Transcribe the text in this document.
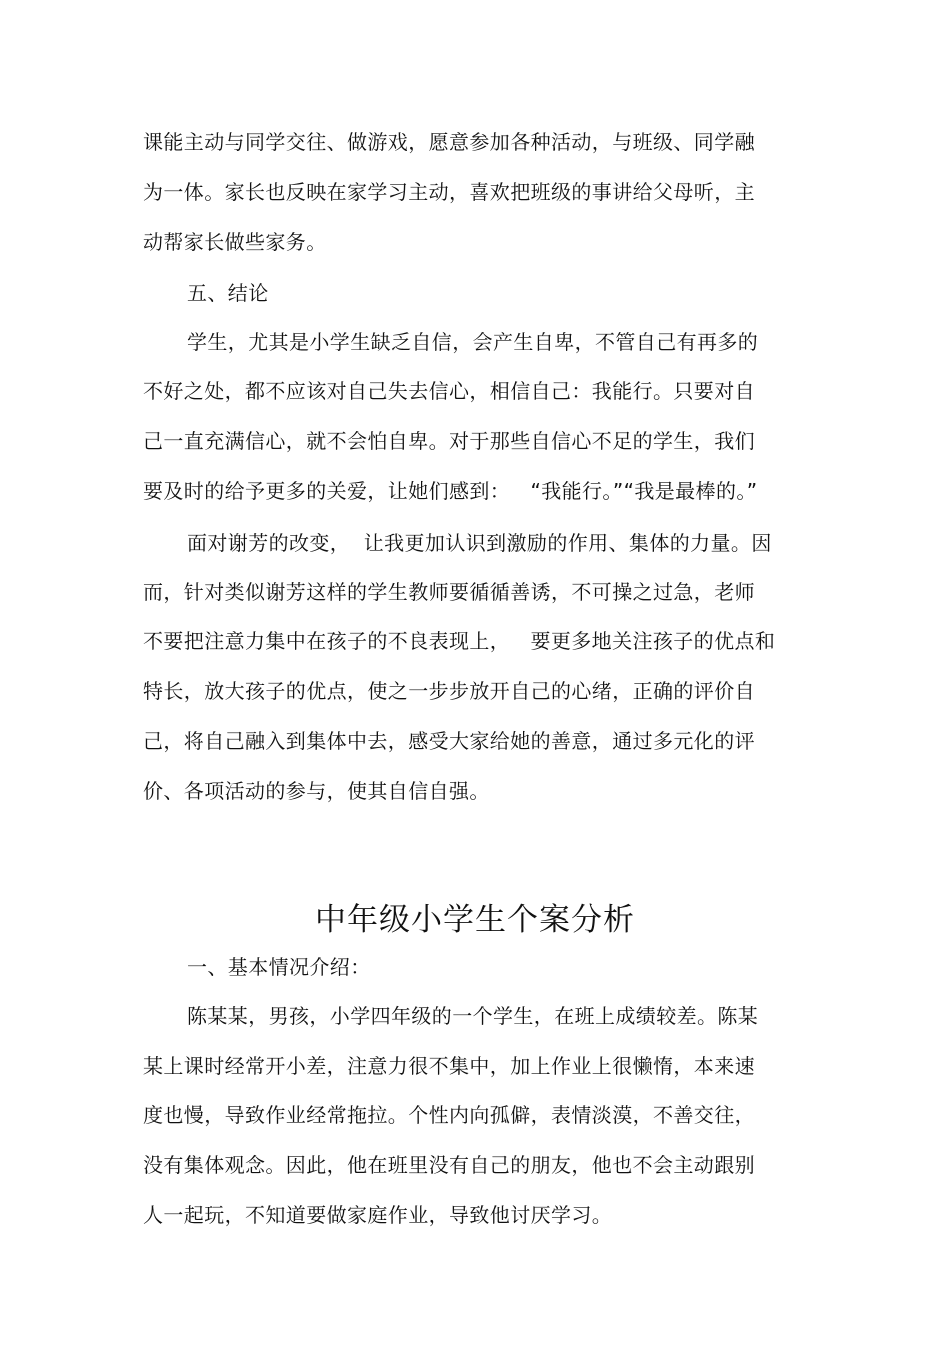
课能主动与同学交往、做游戏，愿意参加各种活动，与班级、同学融
为一体。家长也反映在家学习主动，喜欢把班级的事讲给父母听，主
动帮家长做些家务。
五、结论
学生，尤其是小学生缺乏自信，会产生自卑，不管自己有再多的
不好之处，都不应该对自己失去信心，相信自己：我能行。只要对自
己一直充满信心，就不会怕自卑。对于那些自信心不足的学生，我们
要及时的给予更多的关爱，让她们感到：   “我能行。”“我是最棒的。”
面对谢芳的改变，  让我更加认识到激励的作用、集体的力量。因
而，针对类似谢芳这样的学生教师要循循善诱，不可操之过急，老师
不要把注意力集中在孩子的不良表现上，   要更多地关注孩子的优点和
特长，放大孩子的优点，使之一步步放开自己的心绪，正确的评价自
己，将自己融入到集体中去，感受大家给她的善意，通过多元化的评
价、各项活动的参与，使其自信自强。
中年级小学生个案分析
一、基本情况介绍：
陈某某，男孩，小学四年级的一个学生，在班上成绩较差。陈某
某上课时经常开小差，注意力很不集中，加上作业上很懒惰，本来速
度也慢，导致作业经常拖拉。个性内向孤僻，表情淡漠，不善交往，
没有集体观念。因此，他在班里没有自己的朋友，他也不会主动跟别
人一起玩，不知道要做家庭作业，导致他讨厌学习。
